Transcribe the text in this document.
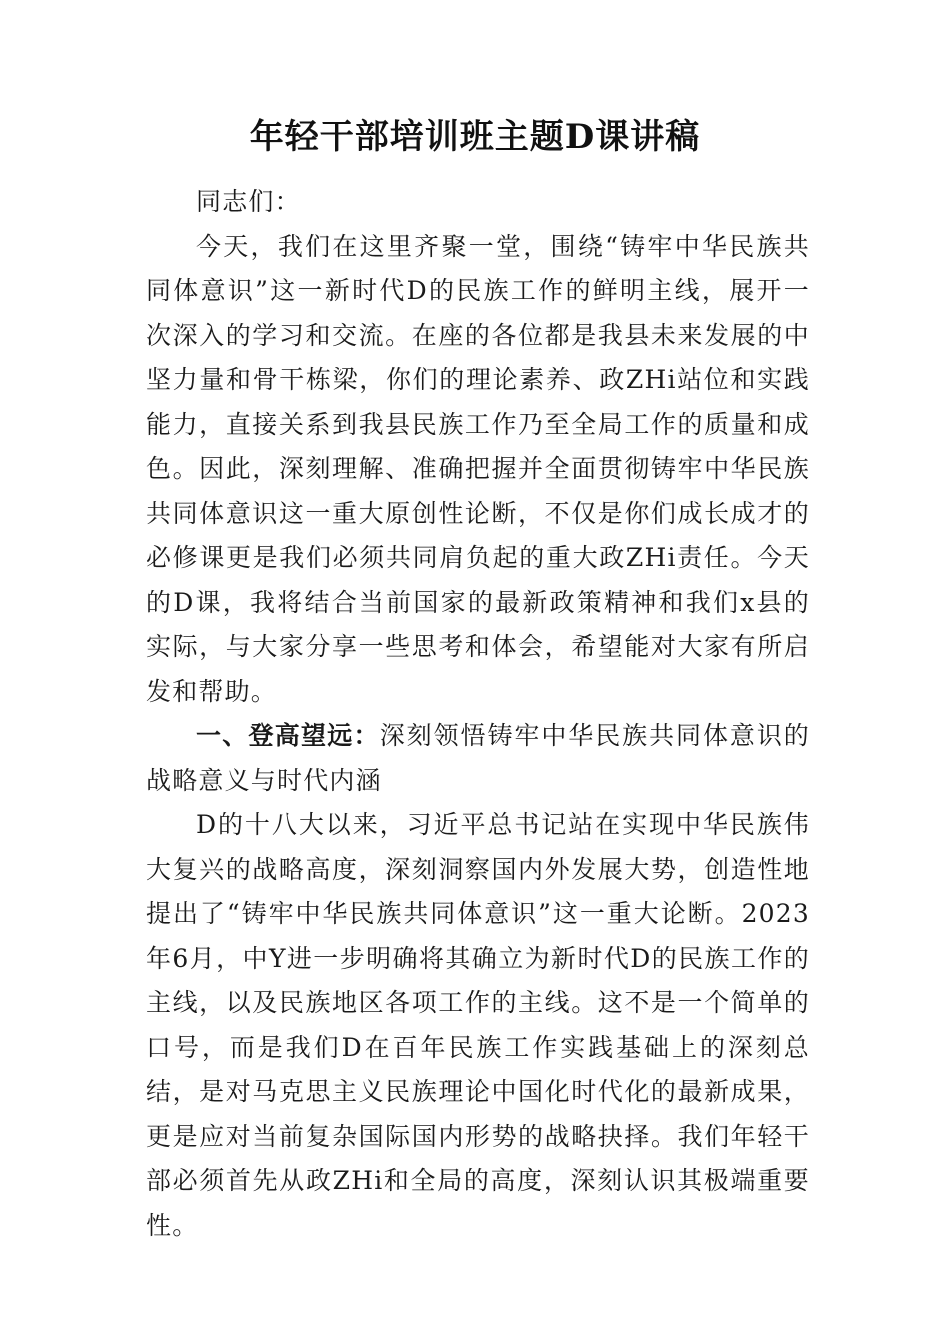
年轻干部培训班主题D课讲稿

同志们：

今天，我们在这里齐聚一堂，围绕“铸牢中华民族共同体意识”这一新时代D的民族工作的鲜明主线，展开一次深入的学习和交流。在座的各位都是我县未来发展的中坚力量和骨干栋梁，你们的理论素养、政ZHi站位和实践能力，直接关系到我县民族工作乃至全局工作的质量和成色。因此，深刻理解、准确把握并全面贯彻铸牢中华民族共同体意识这一重大原创性论断，不仅是你们成长成才的必修课更是我们必须共同肩负起的重大政ZHi责任。今天的D课，我将结合当前国家的最新政策精神和我们x县的实际，与大家分享一些思考和体会，希望能对大家有所启发和帮助。

一、登高望远：深刻领悟铸牢中华民族共同体意识的战略意义与时代内涵

D的十八大以来，习近平总书记站在实现中华民族伟大复兴的战略高度，深刻洞察国内外发展大势，创造性地提出了“铸牢中华民族共同体意识”这一重大论断。2023年6月，中Y进一步明确将其确立为新时代D的民族工作的主线，以及民族地区各项工作的主线。这不是一个简单的口号，而是我们D在百年民族工作实践基础上的深刻总结，是对马克思主义民族理论中国化时代化的最新成果，更是应对当前复杂国际国内形势的战略抉择。我们年轻干部必须首先从政ZHi和全局的高度，深刻认识其极端重要性。
